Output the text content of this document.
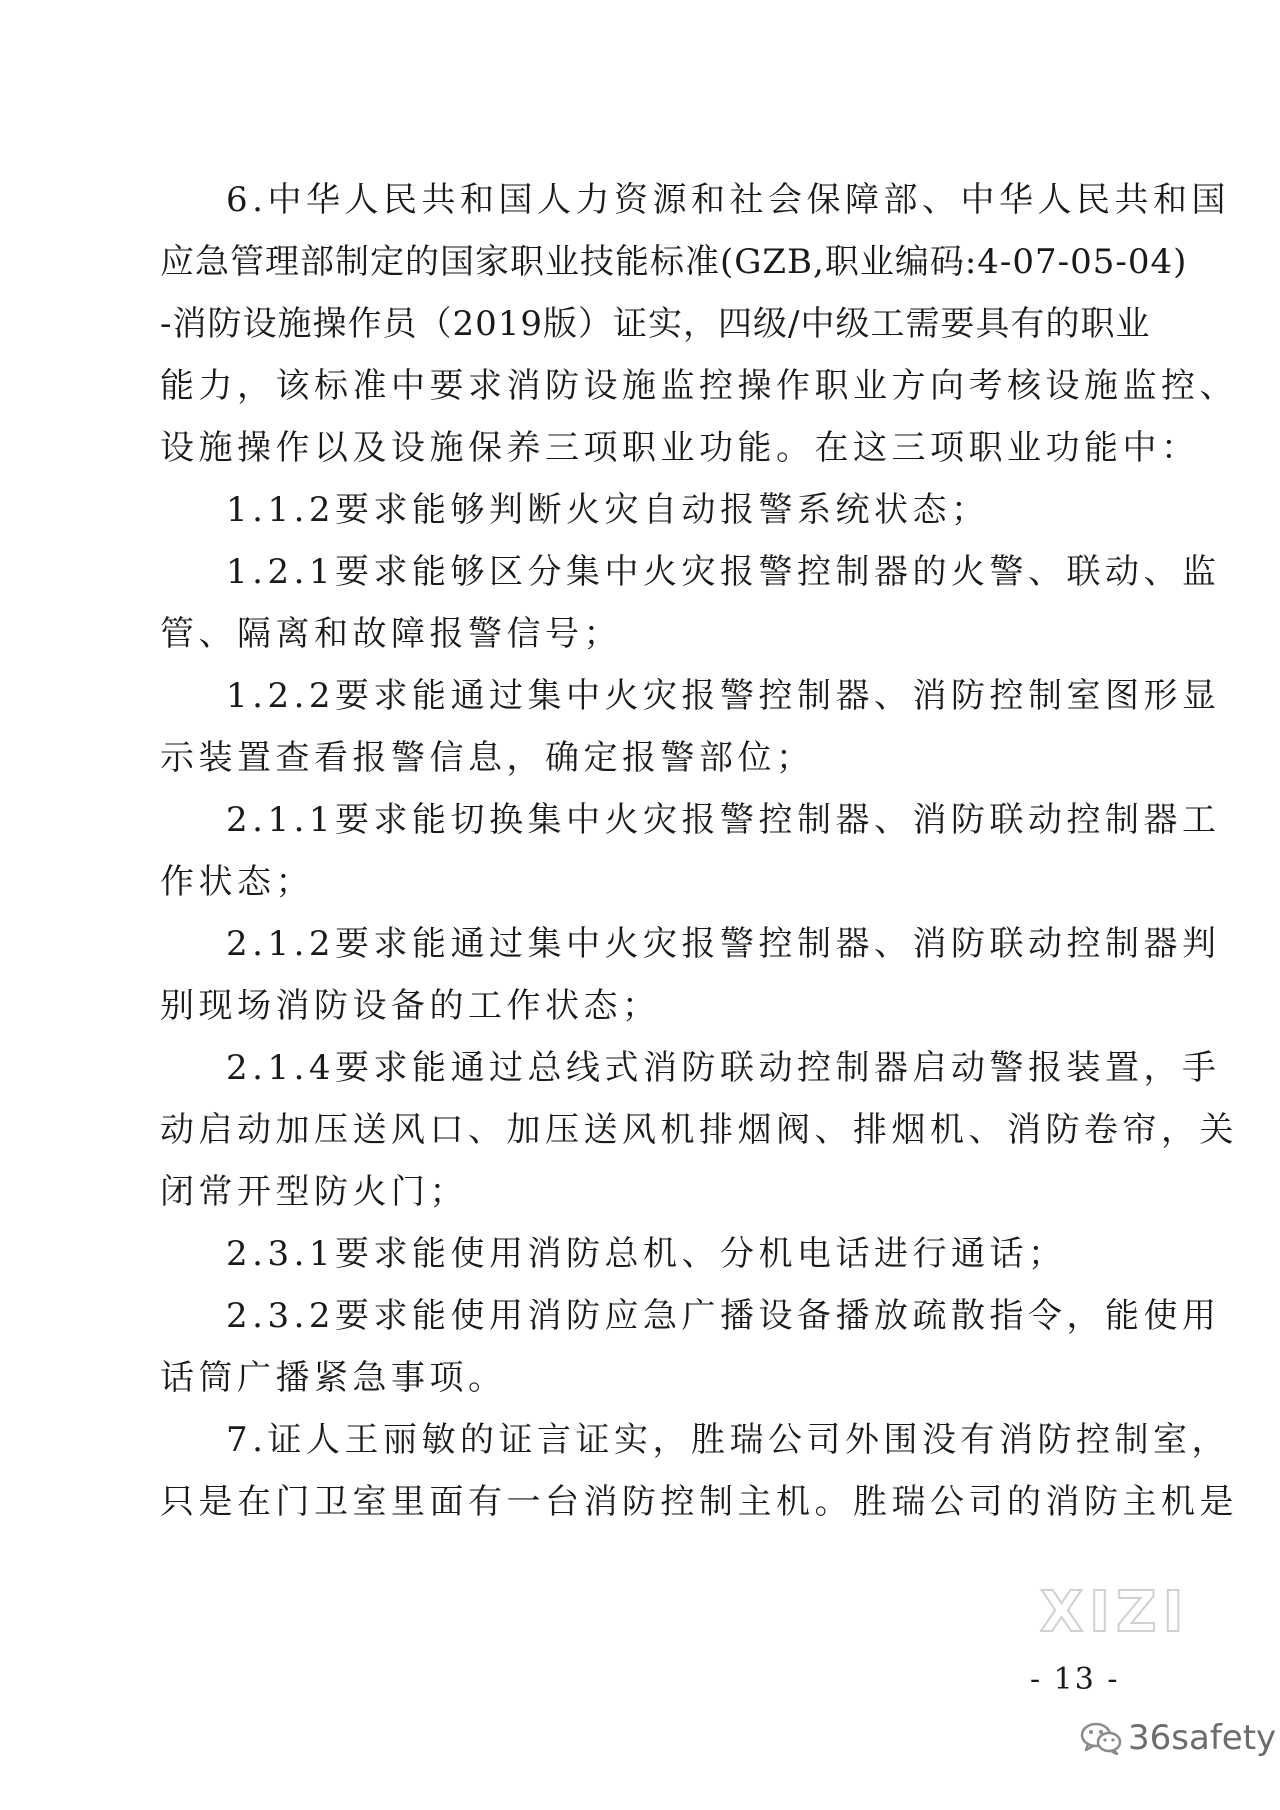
6.中华人民共和国人力资源和社会保障部、中华人民共和国
应急管理部制定的国家职业技能标准(GZB,职业编码:4-07-05-04)
-消防设施操作员（2019版）证实，四级/中级工需要具有的职业
能力，该标准中要求消防设施监控操作职业方向考核设施监控、
设施操作以及设施保养三项职业功能。在这三项职业功能中：
1.1.2要求能够判断火灾自动报警系统状态；
1.2.1要求能够区分集中火灾报警控制器的火警、联动、监
管、隔离和故障报警信号；
1.2.2要求能通过集中火灾报警控制器、消防控制室图形显
示装置查看报警信息，确定报警部位；
2.1.1要求能切换集中火灾报警控制器、消防联动控制器工
作状态；
2.1.2要求能通过集中火灾报警控制器、消防联动控制器判
别现场消防设备的工作状态；
2.1.4要求能通过总线式消防联动控制器启动警报装置，手
动启动加压送风口、加压送风机排烟阀、排烟机、消防卷帘，关
闭常开型防火门；
2.3.1要求能使用消防总机、分机电话进行通话；
2.3.2要求能使用消防应急广播设备播放疏散指令，能使用
话筒广播紧急事项。
7.证人王丽敏的证言证实，胜瑞公司外围没有消防控制室，
只是在门卫室里面有一台消防控制主机。胜瑞公司的消防主机是
XIZI
- 13 -
36safety
